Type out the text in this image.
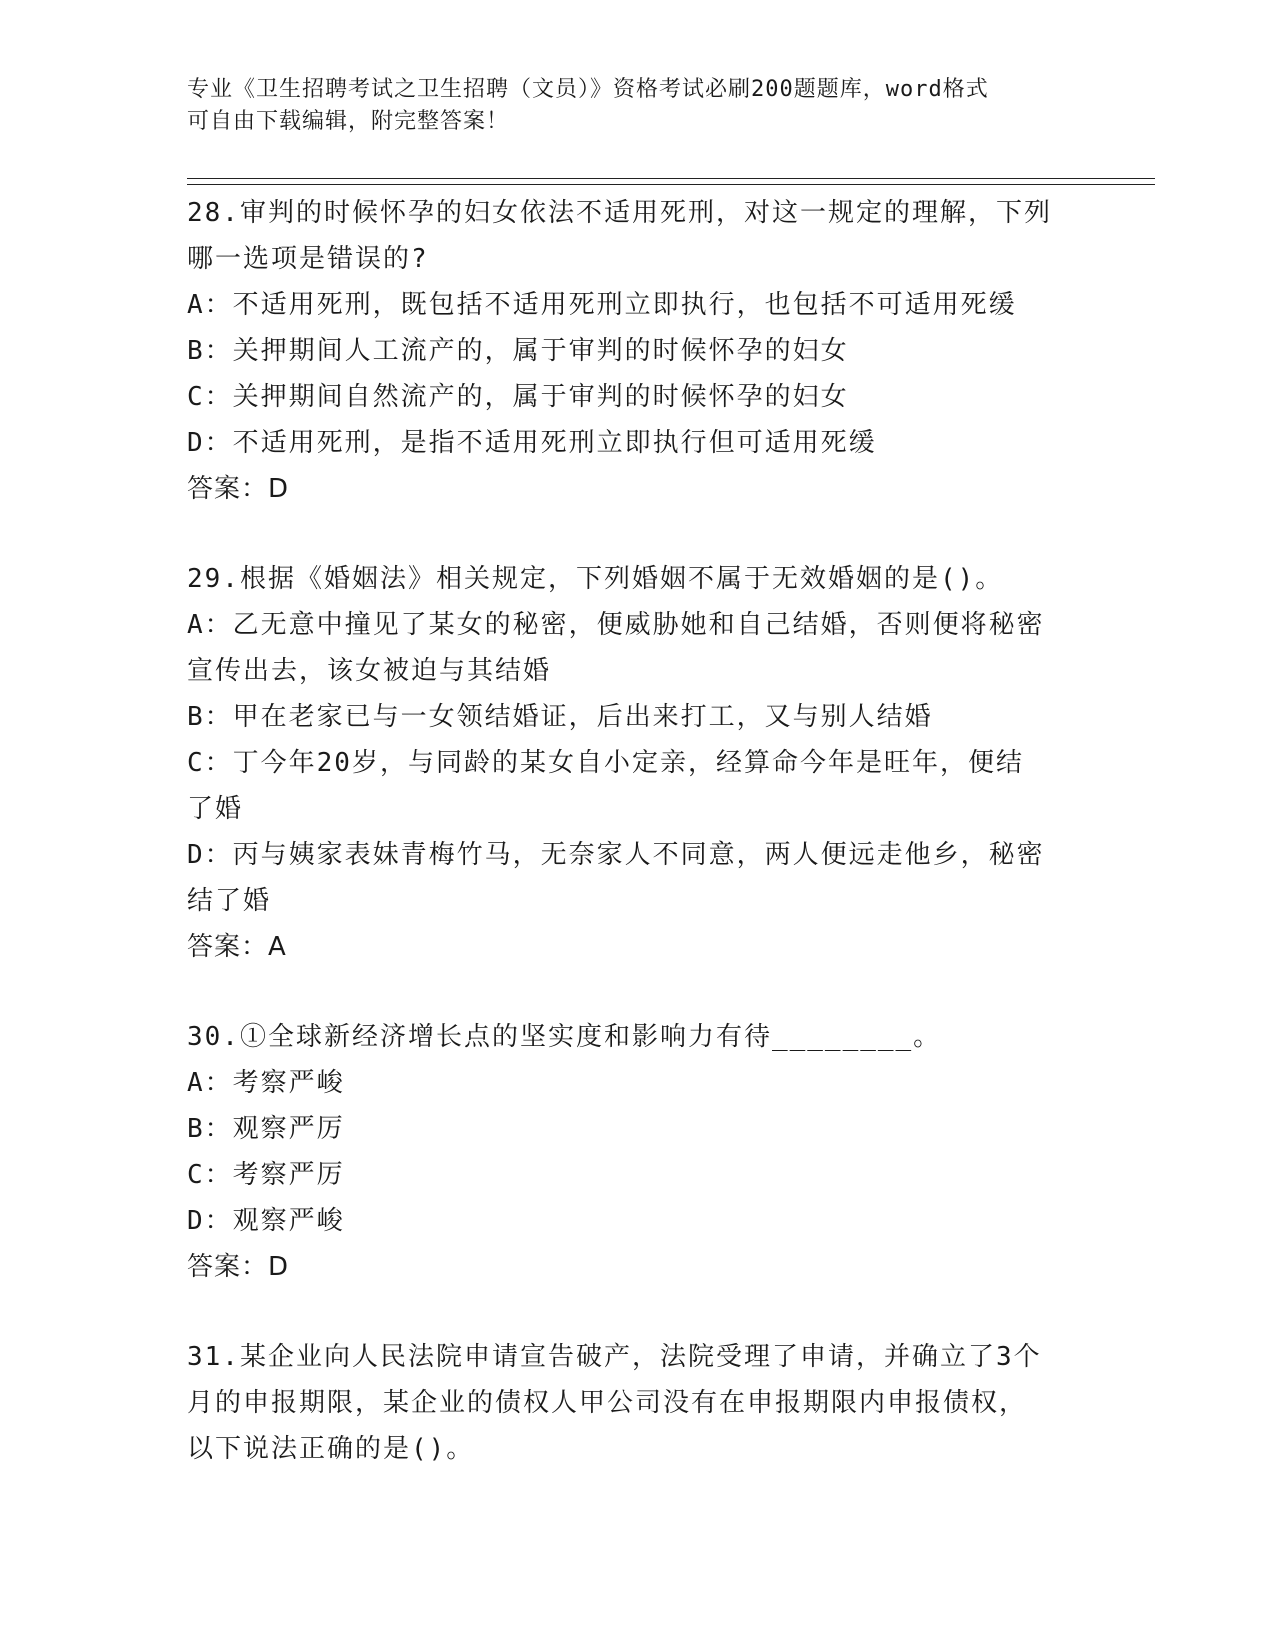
专业《卫生招聘考试之卫生招聘（文员）》资格考试必刷200题题库，word格式
可自由下载编辑，附完整答案！
28.审判的时候怀孕的妇女依法不适用死刑，对这一规定的理解，下列
哪一选项是错误的?
A：不适用死刑，既包括不适用死刑立即执行，也包括不可适用死缓
B：关押期间人工流产的，属于审判的时候怀孕的妇女
C：关押期间自然流产的，属于审判的时候怀孕的妇女
D：不适用死刑，是指不适用死刑立即执行但可适用死缓
答案：D
29.根据《婚姻法》相关规定，下列婚姻不属于无效婚姻的是()。
A：乙无意中撞见了某女的秘密，便威胁她和自己结婚，否则便将秘密
宣传出去，该女被迫与其结婚
B：甲在老家已与一女领结婚证，后出来打工，又与别人结婚
C：丁今年20岁，与同龄的某女自小定亲，经算命今年是旺年，便结
了婚
D：丙与姨家表妹青梅竹马，无奈家人不同意，两人便远走他乡，秘密
结了婚
答案：A
30.①全球新经济增长点的坚实度和影响力有待________。
A：考察严峻
B：观察严厉
C：考察严厉
D：观察严峻
答案：D
31.某企业向人民法院申请宣告破产，法院受理了申请，并确立了3个
月的申报期限，某企业的债权人甲公司没有在申报期限内申报债权，
以下说法正确的是()。
